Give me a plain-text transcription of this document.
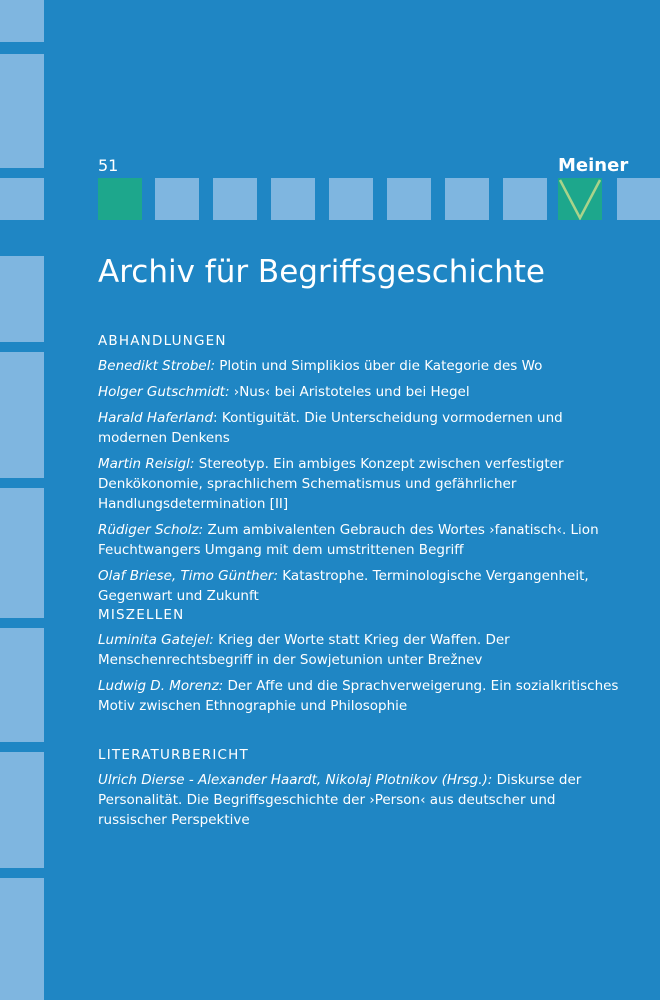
51	Meiner
Archiv für Begriffsgeschichte
ABHANDLUNGEN
Benedikt Strobel: Plotin und Simplikios über die Kategorie des Wo
Holger Gutschmidt: ›Nus‹ bei Aristoteles und bei Hegel
Harald Haferland: Kontiguität. Die Unterscheidung vormodernen und modernen Denkens
Martin Reisigl: Stereotyp. Ein ambiges Konzept zwischen verfestigter Denkökonomie, sprachlichem Schematismus und gefährlicher Handlungsdetermination [II]
Rüdiger Scholz: Zum ambivalenten Gebrauch des Wortes ›fanatisch‹. Lion Feuchtwangers Umgang mit dem umstrittenen Begriff
Olaf Briese, Timo Günther: Katastrophe. Terminologische Vergangenheit, Gegenwart und Zukunft
MISZELLEN
Luminita Gatejel: Krieg der Worte statt Krieg der Waffen. Der Menschenrechtsbegriff in der Sowjetunion unter Brežnev
Ludwig D. Morenz: Der Affe und die Sprachverweigerung. Ein sozialkritisches Motiv zwischen Ethnographie und Philosophie
LITERATURBERICHT
Ulrich Dierse - Alexander Haardt, Nikolaj Plotnikov (Hrsg.): Diskurse der Personalität. Die Begriffsgeschichte der ›Person‹ aus deutscher und russischer Perspektive
